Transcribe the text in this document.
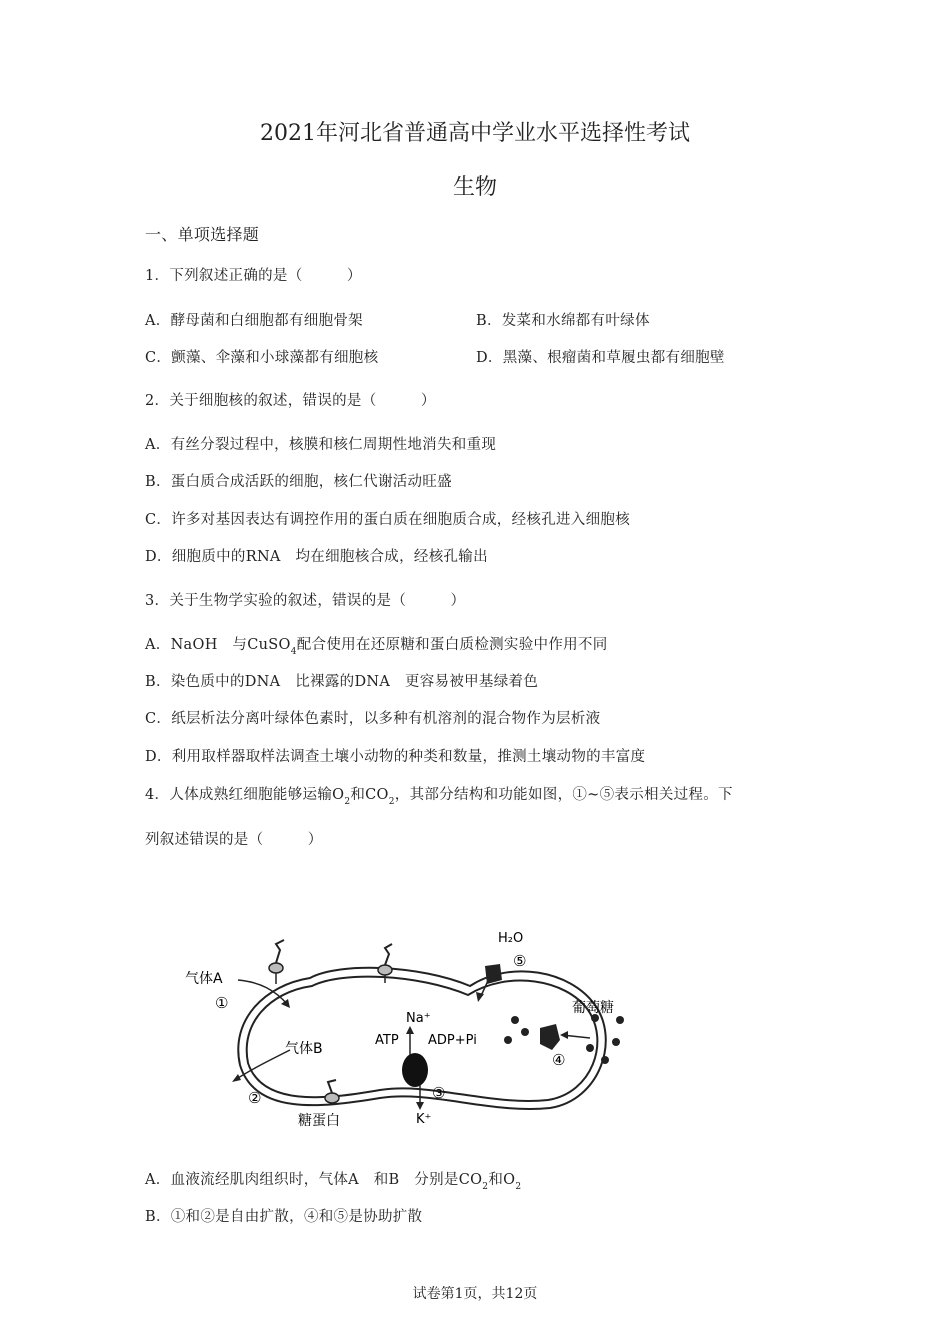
2021年河北省普通高中学业水平选择性考试
生物
一、单项选择题
1．下列叙述正确的是（　　　）
A．酵母菌和白细胞都有细胞骨架	B．发菜和水绵都有叶绿体
C．颤藻、伞藻和小球藻都有细胞核	D．黑藻、根瘤菌和草履虫都有细胞壁
2．关于细胞核的叙述，错误的是（　　　）
A．有丝分裂过程中，核膜和核仁周期性地消失和重现
B．蛋白质合成活跃的细胞，核仁代谢活动旺盛
C．许多对基因表达有调控作用的蛋白质在细胞质合成，经核孔进入细胞核
D．细胞质中的RNA　均在细胞核合成，经核孔输出
3．关于生物学实验的叙述，错误的是（　　　）
A．NaOH　与CuSO$_4$配合使用在还原糖和蛋白质检测实验中作用不同
B．染色质中的DNA　比裸露的DNA　更容易被甲基绿着色
C．纸层析法分离叶绿体色素时，以多种有机溶剂的混合物作为层析液
D．利用取样器取样法调查土壤小动物的种类和数量，推测土壤动物的丰富度
4．人体成熟红细胞能够运输$O_2$和$CO_2$，其部分结构和功能如图，①~⑤表示相关过程。下
列叙述错误的是（　　　）
气体A
①
气体B
②
糖蛋白
H₂O
⑤
葡萄糖
④
Na⁺
ATP ADP+Pi
③
K⁺
A．血液流经肌肉组织时，气体A　和B　分别是$CO_2$和$O_2$
B．①和②是自由扩散，④和⑤是协助扩散
试卷第1页，共12页
